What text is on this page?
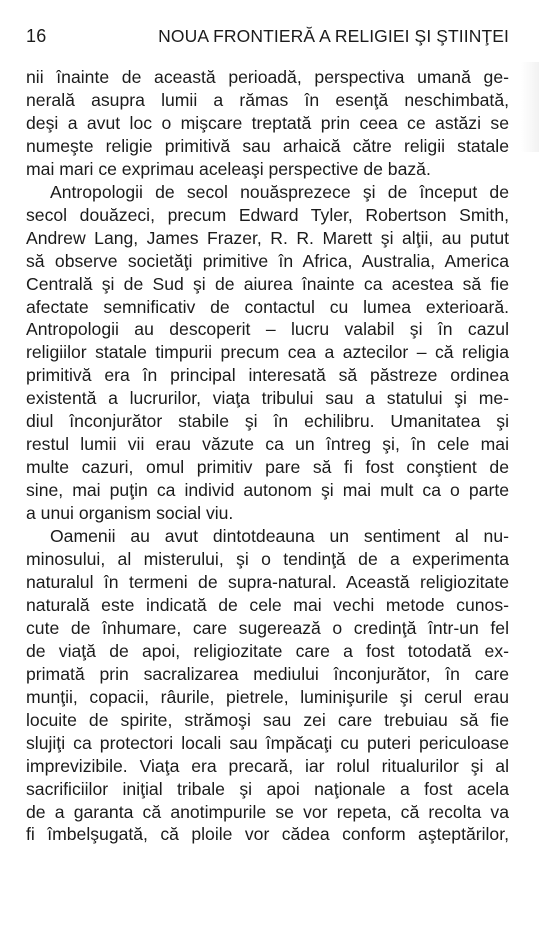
16	NOUA FRONTIERĂ A RELIGIEI ŞI ŞTIINŢEI
nii înainte de această perioadă, perspectiva umană ge-
nerală asupra lumii a rămas în esenţă neschimbată,
deşi a avut loc o mişcare treptată prin ceea ce astăzi se
numeşte religie primitivă sau arhaică către religii statale
mai mari ce exprimau aceleaşi perspective de bază.
Antropologii de secol nouăsprezece şi de început de
secol douăzeci, precum Edward Tyler, Robertson Smith,
Andrew Lang, James Frazer, R. R. Marett şi alţii, au putut
să observe societăţi primitive în Africa, Australia, America
Centrală şi de Sud şi de aiurea înainte ca acestea să fie
afectate semnificativ de contactul cu lumea exterioară.
Antropologii au descoperit – lucru valabil şi în cazul
religiilor statale timpurii precum cea a aztecilor – că religia
primitivă era în principal interesată să păstreze ordinea
existentă a lucrurilor, viaţa tribului sau a statului şi me-
diul înconjurător stabile şi în echilibru. Umanitatea şi
restul lumii vii erau văzute ca un întreg şi, în cele mai
multe cazuri, omul primitiv pare să fi fost conştient de
sine, mai puţin ca individ autonom şi mai mult ca o parte
a unui organism social viu.
Oamenii au avut dintotdeauna un sentiment al nu-
minosului, al misterului, şi o tendinţă de a experimenta
naturalul în termeni de supra-natural. Această religiozitate
naturală este indicată de cele mai vechi metode cunos-
cute de înhumare, care sugerează o credinţă într-un fel
de viaţă de apoi, religiozitate care a fost totodată ex-
primată prin sacralizarea mediului înconjurător, în care
munţii, copacii, râurile, pietrele, luminişurile şi cerul erau
locuite de spirite, strămoşi sau zei care trebuiau să fie
slujiţi ca protectori locali sau împăcaţi cu puteri periculoase
imprevizibile. Viaţa era precară, iar rolul ritualurilor şi al
sacrificiilor iniţial tribale şi apoi naţionale a fost acela
de a garanta că anotimpurile se vor repeta, că recolta va
fi îmbelşugată, că ploile vor cădea conform aşteptărilor,
